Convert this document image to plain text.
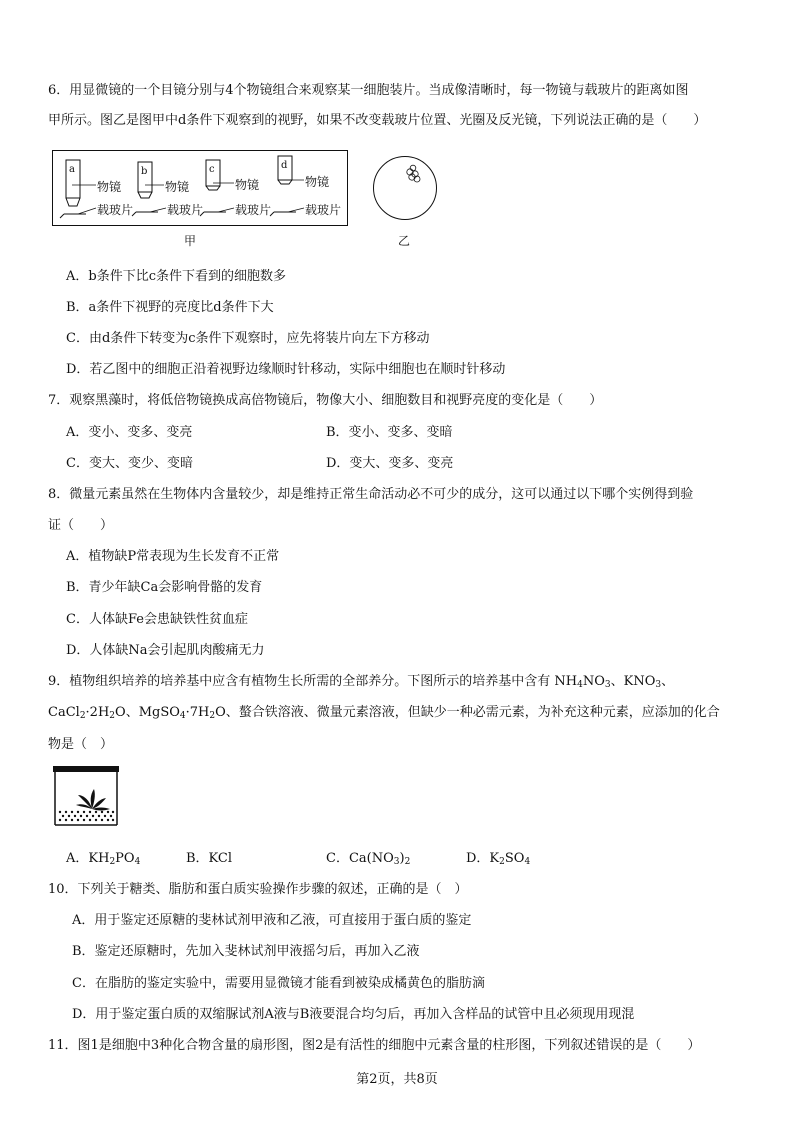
6．用显微镜的一个目镜分别与4个物镜组合来观察某一细胞装片。当成像清晰时，每一物镜与载玻片的距离如图
甲所示。图乙是图甲中d条件下观察到的视野，如果不改变载玻片位置、光圈及反光镜，下列说法正确的是（　　）
a	b	c	d
物镜	物镜	物镜	物镜
载玻片	载玻片	载玻片	载玻片
甲	乙
A．b条件下比c条件下看到的细胞数多
B．a条件下视野的亮度比d条件下大
C．由d条件下转变为c条件下观察时，应先将装片向左下方移动
D．若乙图中的细胞正沿着视野边缘顺时针移动，实际中细胞也在顺时针移动
7．观察黑藻时，将低倍物镜换成高倍物镜后，物像大小、细胞数目和视野亮度的变化是（　　）
A．变小、变多、变亮	B．变小、变多、变暗
C．变大、变少、变暗	D．变大、变多、变亮
8．微量元素虽然在生物体内含量较少，却是维持正常生命活动必不可少的成分，这可以通过以下哪个实例得到验
证（　　）
A．植物缺P常表现为生长发育不正常
B．青少年缺Ca会影响骨骼的发育
C．人体缺Fe会患缺铁性贫血症
D．人体缺Na会引起肌肉酸痛无力
9．植物组织培养的培养基中应含有植物生长所需的全部养分。下图所示的培养基中含有 $NH_4NO_3$、$KNO_3$、
$CaCl_2\cdot 2H_2O$、$MgSO_4\cdot 7H_2O$、螯合铁溶液、微量元素溶液，但缺少一种必需元素，为补充这种元素，应添加的化合
物是（　）
A．$KH_2PO_4$	B．KCl	C．$Ca(NO_3)_2$	D．$K_2SO_4$
10．下列关于糖类、脂肪和蛋白质实验操作步骤的叙述，正确的是（　）
A．用于鉴定还原糖的斐林试剂甲液和乙液，可直接用于蛋白质的鉴定
B．鉴定还原糖时，先加入斐林试剂甲液摇匀后，再加入乙液
C．在脂肪的鉴定实验中，需要用显微镜才能看到被染成橘黄色的脂肪滴
D．用于鉴定蛋白质的双缩脲试剂A液与B液要混合均匀后，再加入含样品的试管中且必须现用现混
11．图1是细胞中3种化合物含量的扇形图，图2是有活性的细胞中元素含量的柱形图，下列叙述错误的是（　　）
第2页，共8页
